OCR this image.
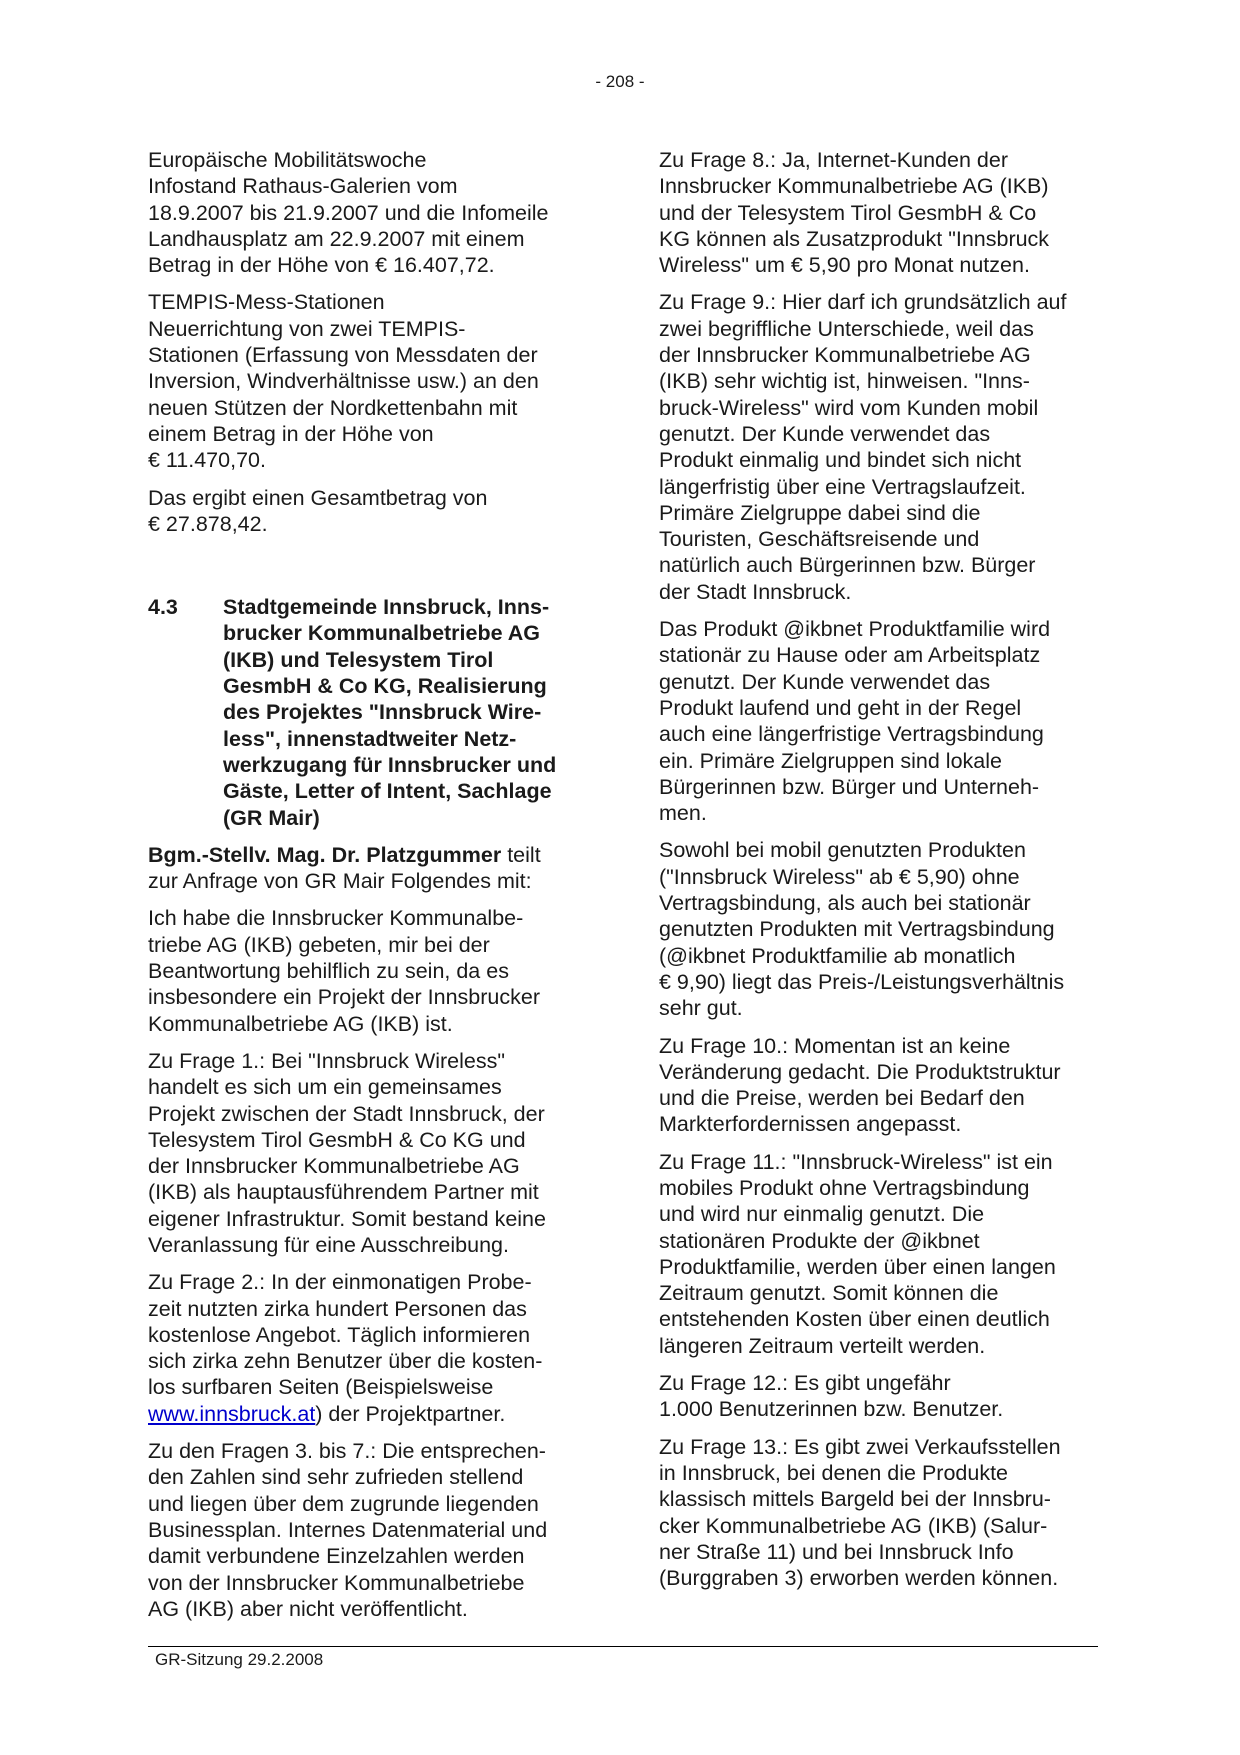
- 208 -

Europäische Mobilitätswoche
Infostand Rathaus-Galerien vom
18.9.2007 bis 21.9.2007 und die Infomeile
Landhausplatz am 22.9.2007 mit einem
Betrag in der Höhe von € 16.407,72.

TEMPIS-Mess-Stationen
Neuerrichtung von zwei TEMPIS-
Stationen (Erfassung von Messdaten der
Inversion, Windverhältnisse usw.) an den
neuen Stützen der Nordkettenbahn mit
einem Betrag in der Höhe von
€ 11.470,70.

Das ergibt einen Gesamtbetrag von
€ 27.878,42.

4.3	Stadtgemeinde Innsbruck, Inns-
brucker Kommunalbetriebe AG
(IKB) und Telesystem Tirol
GesmbH & Co KG, Realisierung
des Projektes "Innsbruck Wire-
less", innenstadtweiter Netz-
werkzugang für Innsbrucker und
Gäste, Letter of Intent, Sachlage
(GR Mair)

Bgm.-Stellv. Mag. Dr. Platzgummer teilt
zur Anfrage von GR Mair Folgendes mit:

Ich habe die Innsbrucker Kommunalbe-
triebe AG (IKB) gebeten, mir bei der
Beantwortung behilflich zu sein, da es
insbesondere ein Projekt der Innsbrucker
Kommunalbetriebe AG (IKB) ist.

Zu Frage 1.: Bei "Innsbruck Wireless"
handelt es sich um ein gemeinsames
Projekt zwischen der Stadt Innsbruck, der
Telesystem Tirol GesmbH & Co KG und
der Innsbrucker Kommunalbetriebe AG
(IKB) als hauptausführendem Partner mit
eigener Infrastruktur. Somit bestand keine
Veranlassung für eine Ausschreibung.

Zu Frage 2.: In der einmonatigen Probe-
zeit nutzten zirka hundert Personen das
kostenlose Angebot. Täglich informieren
sich zirka zehn Benutzer über die kosten-
los surfbaren Seiten (Beispielsweise
www.innsbruck.at) der Projektpartner.

Zu den Fragen 3. bis 7.: Die entsprechen-
den Zahlen sind sehr zufrieden stellend
und liegen über dem zugrunde liegenden
Businessplan. Internes Datenmaterial und
damit verbundene Einzelzahlen werden
von der Innsbrucker Kommunalbetriebe
AG (IKB) aber nicht veröffentlicht.

Zu Frage 8.: Ja, Internet-Kunden der
Innsbrucker Kommunalbetriebe AG (IKB)
und der Telesystem Tirol GesmbH & Co
KG können als Zusatzprodukt "Innsbruck
Wireless" um € 5,90 pro Monat nutzen.

Zu Frage 9.: Hier darf ich grundsätzlich auf
zwei begriffliche Unterschiede, weil das
der Innsbrucker Kommunalbetriebe AG
(IKB) sehr wichtig ist, hinweisen. "Inns-
bruck-Wireless" wird vom Kunden mobil
genutzt. Der Kunde verwendet das
Produkt einmalig und bindet sich nicht
längerfristig über eine Vertragslaufzeit.
Primäre Zielgruppe dabei sind die
Touristen, Geschäftsreisende und
natürlich auch Bürgerinnen bzw. Bürger
der Stadt Innsbruck.

Das Produkt @ikbnet Produktfamilie wird
stationär zu Hause oder am Arbeitsplatz
genutzt. Der Kunde verwendet das
Produkt laufend und geht in der Regel
auch eine längerfristige Vertragsbindung
ein. Primäre Zielgruppen sind lokale
Bürgerinnen bzw. Bürger und Unterneh-
men.

Sowohl bei mobil genutzten Produkten
("Innsbruck Wireless" ab € 5,90) ohne
Vertragsbindung, als auch bei stationär
genutzten Produkten mit Vertragsbindung
(@ikbnet Produktfamilie ab monatlich
€ 9,90) liegt das Preis-/Leistungsverhältnis
sehr gut.

Zu Frage 10.: Momentan ist an keine
Veränderung gedacht. Die Produktstruktur
und die Preise, werden bei Bedarf den
Markterfordernissen angepasst.

Zu Frage 11.: "Innsbruck-Wireless" ist ein
mobiles Produkt ohne Vertragsbindung
und wird nur einmalig genutzt. Die
stationären Produkte der @ikbnet
Produktfamilie, werden über einen langen
Zeitraum genutzt. Somit können die
entstehenden Kosten über einen deutlich
längeren Zeitraum verteilt werden.

Zu Frage 12.: Es gibt ungefähr
1.000 Benutzerinnen bzw. Benutzer.

Zu Frage 13.: Es gibt zwei Verkaufsstellen
in Innsbruck, bei denen die Produkte
klassisch mittels Bargeld bei der Innsbru-
cker Kommunalbetriebe AG (IKB) (Salur-
ner Straße 11) und bei Innsbruck Info
(Burggraben 3) erworben werden können.

GR-Sitzung 29.2.2008
